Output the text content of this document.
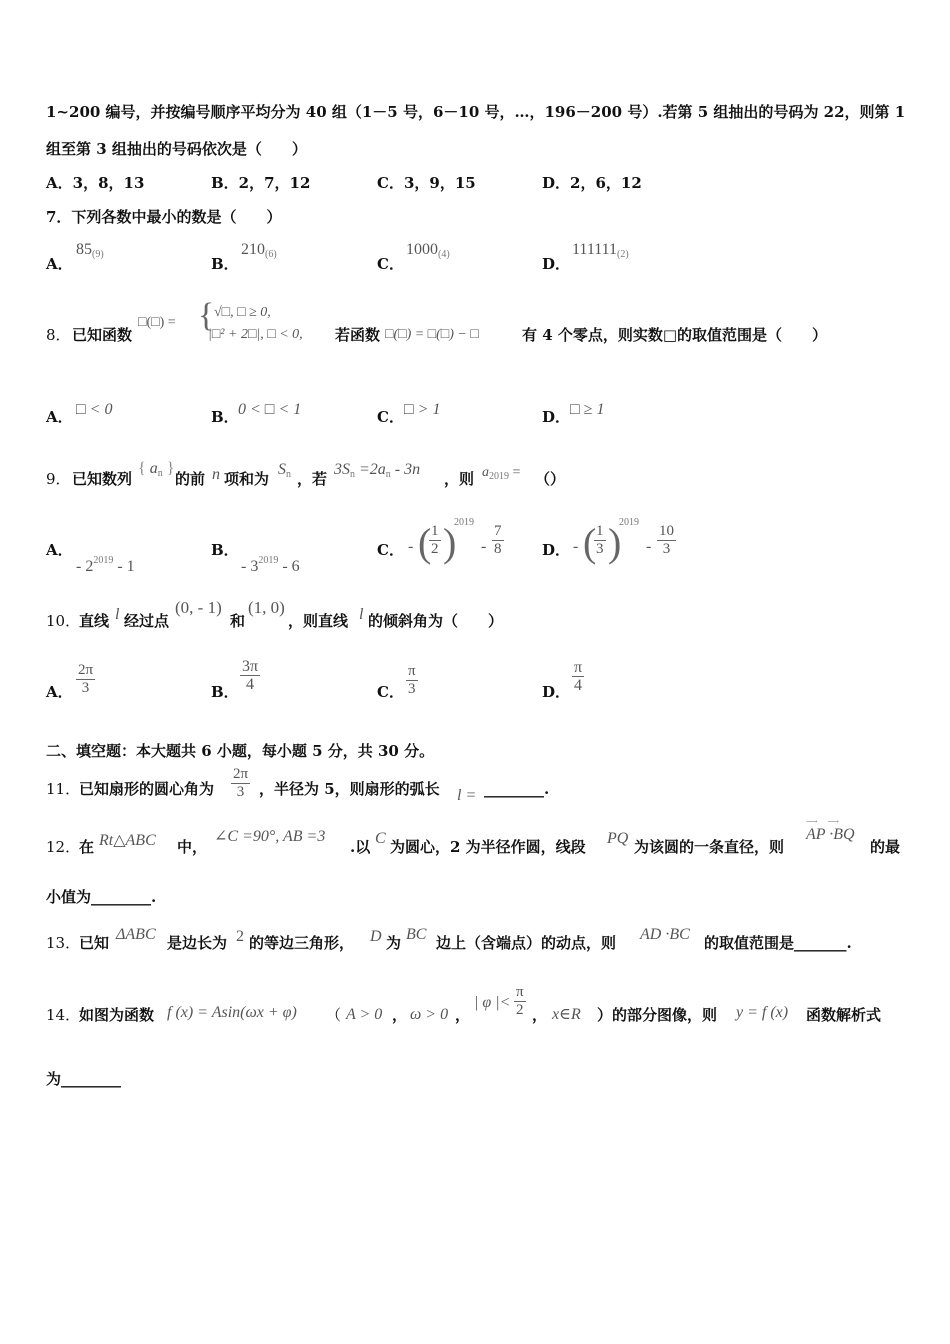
1~200 编号，并按编号顺序平均分为 40 组（1－5 号，6－10 号，…，196－200 号）.若第 5 组抽出的号码为 22，则第 1
组至第 3 组抽出的号码依次是（　　）
A．3，8，13	B．2，7，12	C．3，9，15	D．2，6，12
7．下列各数中最小的数是（　　）
A．
$85_{(9)}$
B．
$210_{(6)}$
C．
$1000_{(4)}$
D．
$111111_{(2)}$
8． 已知函数
□(□) = { √□, □ ≥ 0,
|□² + 2□|, □ < 0, 若函数 □(□) = □(□) − □	有 4 个零点，则实数□的取值范围是（　　）
A． □ < 0	B． 0 < □ < 1	C． □ > 1	D． □ ≥ 1
9． 已知数列
{ $a_n$ }
的前 n 项和为
$S_n$ ，若
$3S_n =2a_n - 3n$
，则 $a_{2019}$ = （）
A．
- $2^{2019} - 1$
B．
- $3^{2019} - 6$
C． - (
$\frac{1}{2}$ )
2019
- $\frac{7}{8}$	D． - (
$\frac{1}{3}$ )
2019
- $\frac{10}{3}$
10．
直线 l 经过点
(0, - 1)
和
(1, 0)
，则直线 l 的倾斜角为（　　）
A． $\frac{2\pi}{3}$	B． $\frac{3\pi}{4}$	C． $\frac{\pi}{3}$	D． $\frac{\pi}{4}$
二、填空题：本大题共 6 小题，每小题 5 分，共 30 分。
11．
已知扇形的圆心角为 $\frac{2\pi}{3}$ ，半径为 5，则扇形的弧长 l = ________.
12．
在 Rt△ABC 中，
∠C =90°, AB =3
.以 C 为圆心，2 为半径作圆，线段 PQ 为该圆的一条直径，则
⟶　 ⟶
AP ·BQ
的最
小值为________.
13．
已知 ΔABC 是边长为 2 的等边三角形， D 为 BC 边上（含端点）的动点，则 AD ·BC 的取值范围是_______.
14．
如图为函数 f (x) = Asin(ωx + φ) （ A > 0 ， ω > 0 ，
| φ |< $\frac{\pi}{2}$ ， x∈R ）的部分图像，则 y = f (x) 函数解析式
为________
